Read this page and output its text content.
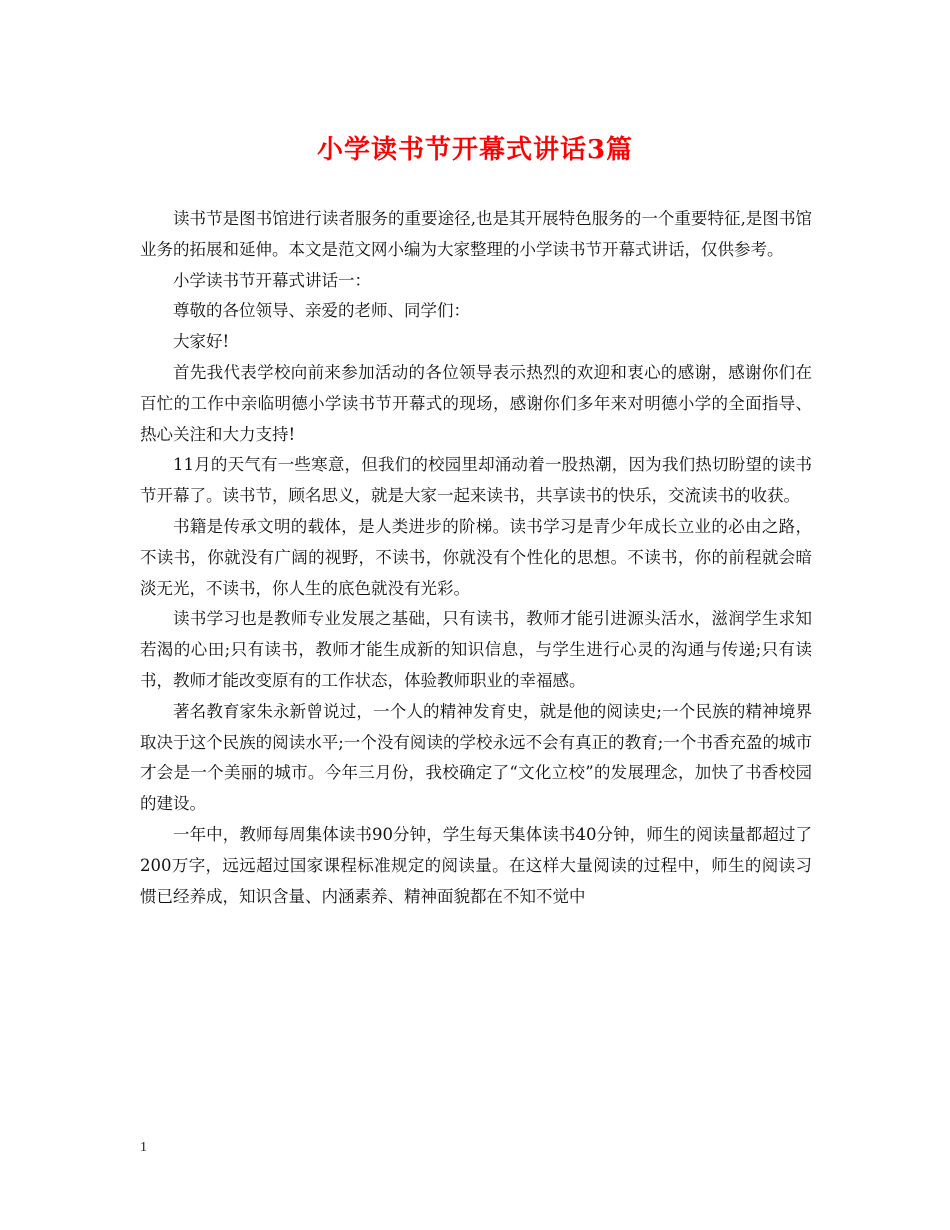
小学读书节开幕式讲话3篇

读书节是图书馆进行读者服务的重要途径,也是其开展特色服务的一个重要特征,是图书馆业务的拓展和延伸。本文是范文网小编为大家整理的小学读书节开幕式讲话，仅供参考。

小学读书节开幕式讲话一：

尊敬的各位领导、亲爱的老师、同学们：

大家好!

首先我代表学校向前来参加活动的各位领导表示热烈的欢迎和衷心的感谢，感谢你们在百忙的工作中亲临明德小学读书节开幕式的现场，感谢你们多年来对明德小学的全面指导、热心关注和大力支持!

11月的天气有一些寒意，但我们的校园里却涌动着一股热潮，因为我们热切盼望的读书节开幕了。读书节，顾名思义，就是大家一起来读书，共享读书的快乐，交流读书的收获。

书籍是传承文明的载体，是人类进步的阶梯。读书学习是青少年成长立业的必由之路，不读书，你就没有广阔的视野，不读书，你就没有个性化的思想。不读书，你的前程就会暗淡无光，不读书，你人生的底色就没有光彩。

读书学习也是教师专业发展之基础，只有读书，教师才能引进源头活水，滋润学生求知若渴的心田;只有读书，教师才能生成新的知识信息，与学生进行心灵的沟通与传递;只有读书，教师才能改变原有的工作状态，体验教师职业的幸福感。

著名教育家朱永新曾说过，一个人的精神发育史，就是他的阅读史;一个民族的精神境界取决于这个民族的阅读水平;一个没有阅读的学校永远不会有真正的教育;一个书香充盈的城市才会是一个美丽的城市。今年三月份，我校确定了“文化立校”的发展理念，加快了书香校园的建设。

一年中，教师每周集体读书90分钟，学生每天集体读书40分钟，师生的阅读量都超过了200万字，远远超过国家课程标准规定的阅读量。在这样大量阅读的过程中，师生的阅读习惯已经养成，知识含量、内涵素养、精神面貌都在不知不觉中

1
